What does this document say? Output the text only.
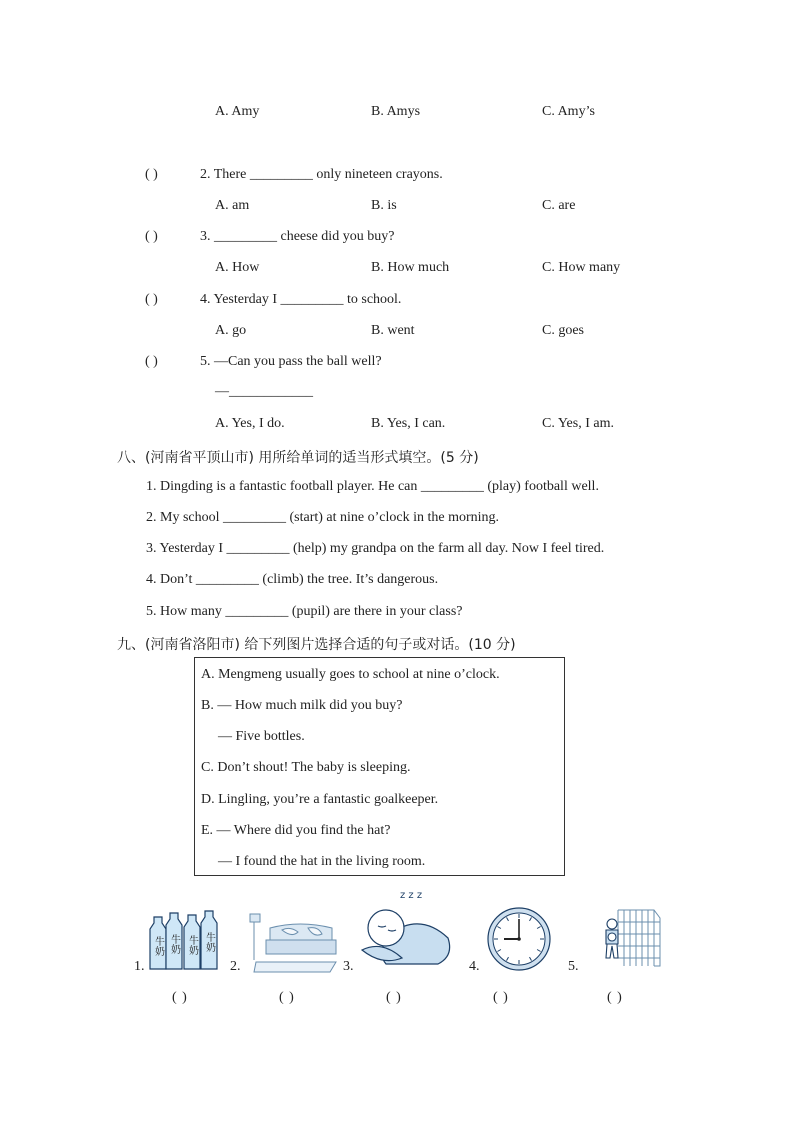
A. Amy	B. Amys	C. Amy’s
( )	2. There _________ only nineteen crayons.
A. am	B. is	C. are
( )	3. _________ cheese did you buy?
A. How	B. How much	C. How many
( )	4. Yesterday I _________ to school.
A. go	B. went	C. goes
( )	5. —Can you pass the ball well?
—____________
A. Yes, I do.	B. Yes, I can.	C. Yes, I am.
八、(河南省平顶山市) 用所给单词的适当形式填空。(5 分)
1. Dingding is a fantastic football player. He can _________ (play) football well.
2. My school _________ (start) at nine o’clock in the morning.
3. Yesterday I _________ (help) my grandpa on the farm all day. Now I feel tired.
4. Don’t _________ (climb) the tree. It’s dangerous.
5. How many _________ (pupil) are there in your class?
九、(河南省洛阳市) 给下列图片选择合适的句子或对话。(10 分)
A. Mengmeng usually goes to school at nine o’clock.
B. — How much milk did you buy?
— Five bottles.
C. Don’t shout! The baby is sleeping.
D. Lingling, you’re a fantastic goalkeeper.
E. — Where did you find the hat?
— I found the hat in the living room.
1.
牛奶
牛奶
牛奶
牛奶
2.	3.
z z z
4.	5.
( )	( )	( )	( )	( )
